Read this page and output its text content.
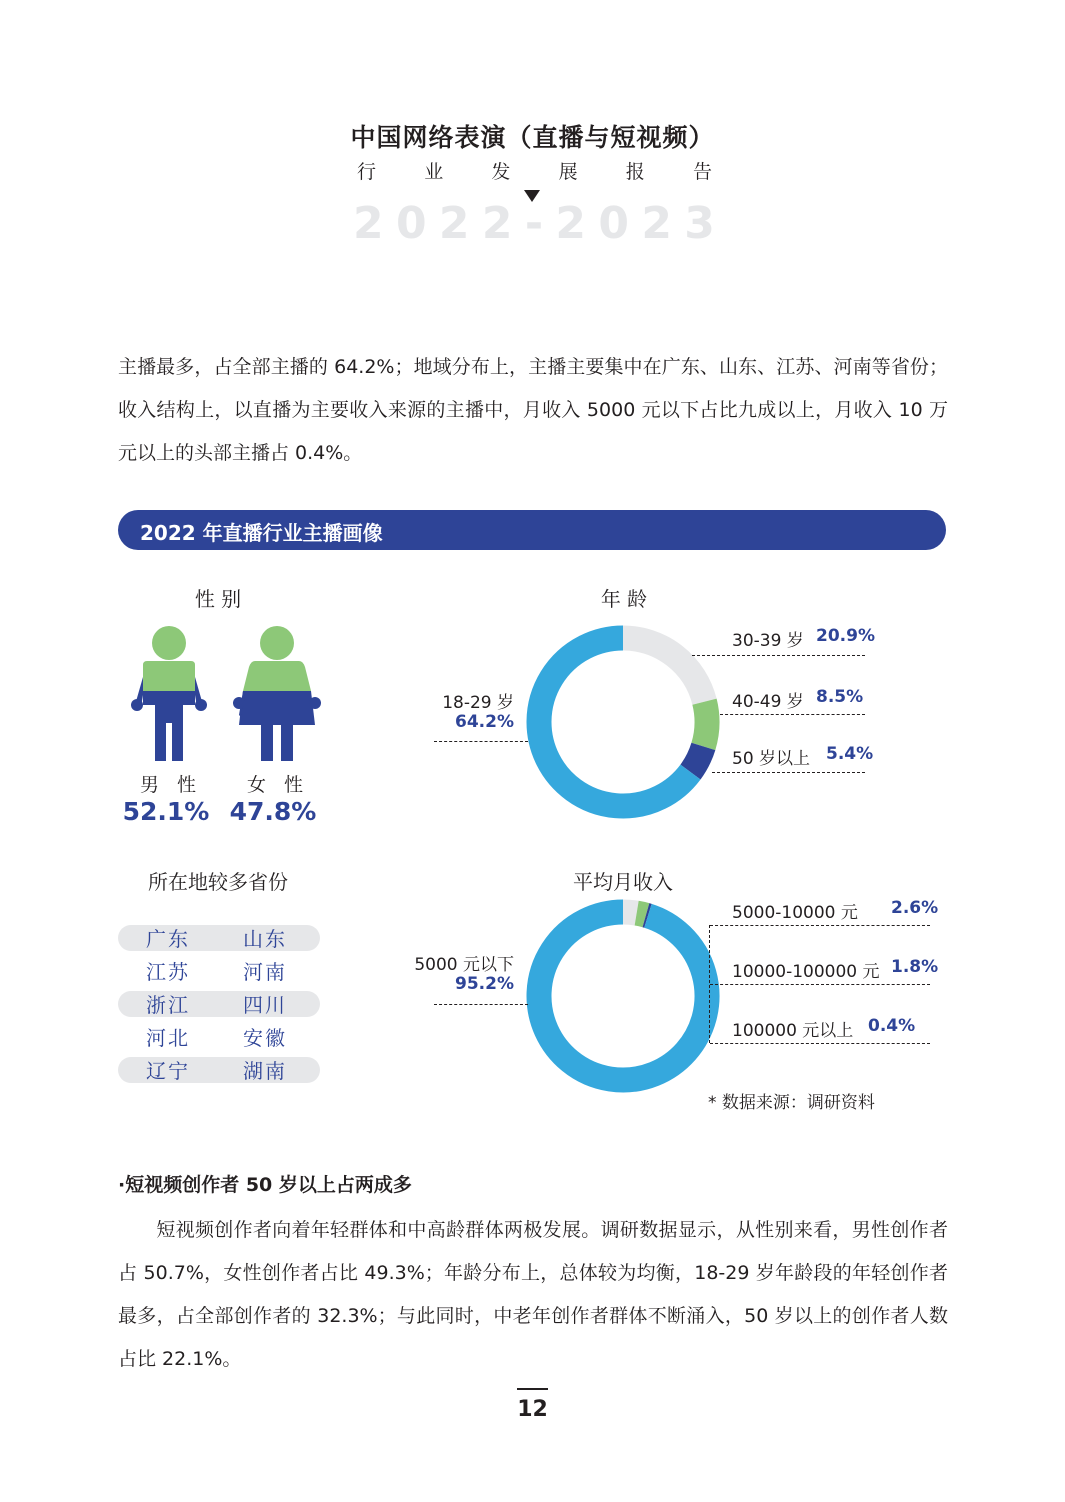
中国网络表演（直播与短视频）
行	业	发	展	报	告
2 0 2 2 - 2 0 2 3
主播最多，占全部主播的 64.2%；地域分布上，主播主要集中在广东、山东、江苏、河南等省份；收入结构上，以直播为主要收入来源的主播中，月收入 5000 元以下占比九成以上，月收入 10 万元以上的头部主播占 0.4%。
2022 年直播行业主播画像
性 别
男 性	女 性
52.1% 47.8%
所在地较多省份
广东	山东
江苏	河南
浙江	四川
河北	安徽
辽宁	湖南
年 龄
30-39 岁 20.9%
40-49 岁 8.5%
50 岁以上 5.4%
18-29 岁
64.2%
平均月收入
5000-10000 元 2.6%
10000-100000 元 1.8%
100000 元以上 0.4%
5000 元以下
95.2%
* 数据来源：调研资料
·短视频创作者 50 岁以上占两成多
短视频创作者向着年轻群体和中高龄群体两极发展。调研数据显示，从性别来看，男性创作者占 50.7%，女性创作者占比 49.3%；年龄分布上，总体较为均衡，18-29 岁年龄段的年轻创作者最多，占全部创作者的 32.3%；与此同时，中老年创作者群体不断涌入，50 岁以上的创作者人数占比 22.1%。
12
